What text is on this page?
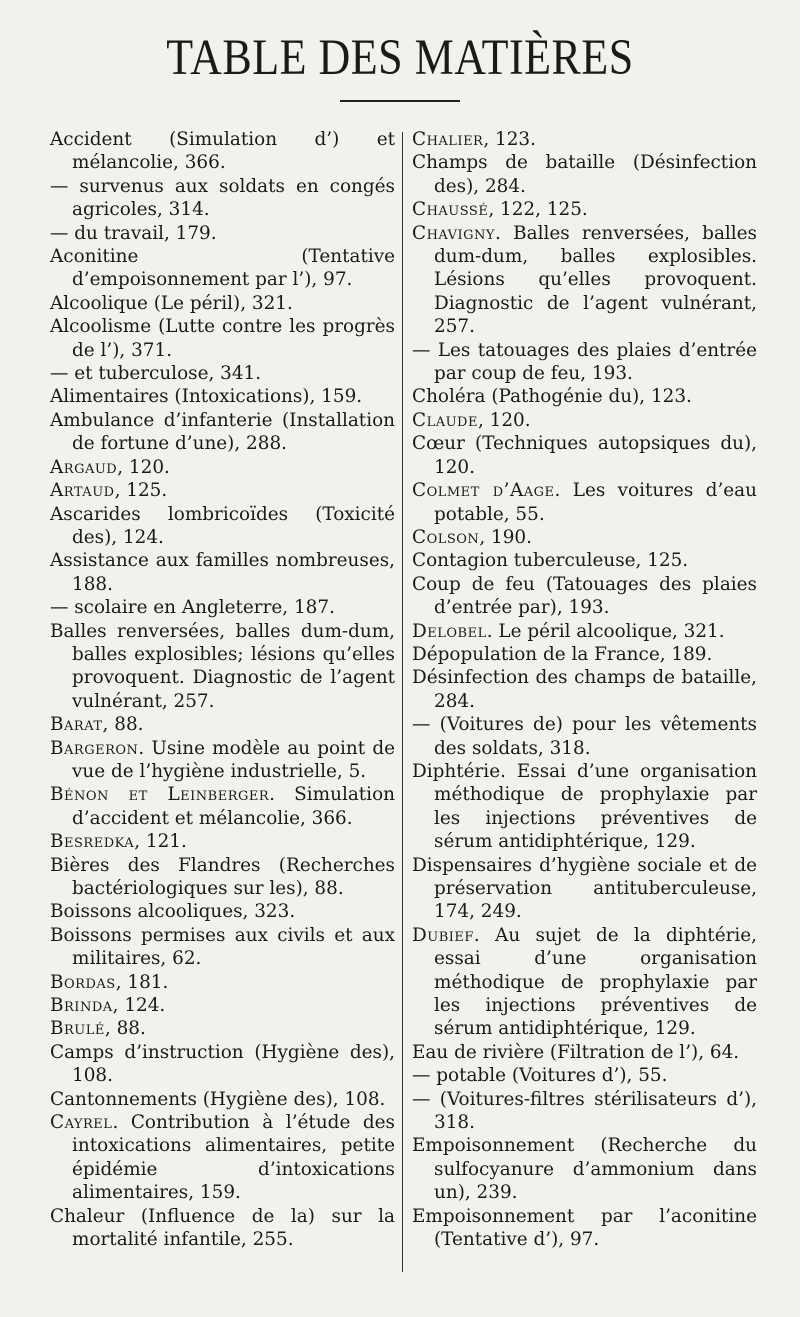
TABLE DES MATIÈRES
Accident (Simulation d’) et mélancolie, 366.
— survenus aux soldats en congés agricoles, 314.
— du travail, 179.
Aconitine (Tentative d’empoisonnement par l’), 97.
Alcoolique (Le péril), 321.
Alcoolisme (Lutte contre les progrès de l’), 371.
— et tuberculose, 341.
Alimentaires (Intoxications), 159.
Ambulance d’infanterie (Installation de fortune d’une), 288.
Argaud, 120.
Artaud, 125.
Ascarides lombricoïdes (Toxicité des), 124.
Assistance aux familles nombreuses, 188.
— scolaire en Angleterre, 187.
Balles renversées, balles dum-dum, balles explosibles; lésions qu’elles provoquent. Diagnostic de l’agent vulnérant, 257.
Barat, 88.
Bargeron. Usine modèle au point de vue de l’hygiène industrielle, 5.
Bénon et Leinberger. Simulation d’accident et mélancolie, 366.
Besredka, 121.
Bières des Flandres (Recherches bactériologiques sur les), 88.
Boissons alcooliques, 323.
Boissons permises aux civils et aux militaires, 62.
Bordas, 181.
Brinda, 124.
Brulé, 88.
Camps d’instruction (Hygiène des), 108.
Cantonnements (Hygiène des), 108.
Cayrel. Contribution à l’étude des intoxications alimentaires, petite épidémie d’intoxications alimentaires, 159.
Chaleur (Influence de la) sur la mortalité infantile, 255.
Chalier, 123.
Champs de bataille (Désinfection des), 284.
Chaussé, 122, 125.
Chavigny. Balles renversées, balles dum-dum, balles explosibles. Lésions qu’elles provoquent. Diagnostic de l’agent vulnérant, 257.
— Les tatouages des plaies d’entrée par coup de feu, 193.
Choléra (Pathogénie du), 123.
Claude, 120.
Cœur (Techniques autopsiques du), 120.
Colmet d’Aage. Les voitures d’eau potable, 55.
Colson, 190.
Contagion tuberculeuse, 125.
Coup de feu (Tatouages des plaies d’entrée par), 193.
Delobel. Le péril alcoolique, 321.
Dépopulation de la France, 189.
Désinfection des champs de bataille, 284.
— (Voitures de) pour les vêtements des soldats, 318.
Diphtérie. Essai d’une organisation méthodique de prophylaxie par les injections préventives de sérum antidiphtérique, 129.
Dispensaires d’hygiène sociale et de préservation antituberculeuse, 174, 249.
Dubief. Au sujet de la diphtérie, essai d’une organisation méthodique de prophylaxie par les injections préventives de sérum antidiphtérique, 129.
Eau de rivière (Filtration de l’), 64.
— potable (Voitures d’), 55.
— (Voitures-filtres stérilisateurs d’), 318.
Empoisonnement (Recherche du sulfocyanure d’ammonium dans un), 239.
Empoisonnement par l’aconitine (Tentative d’), 97.
